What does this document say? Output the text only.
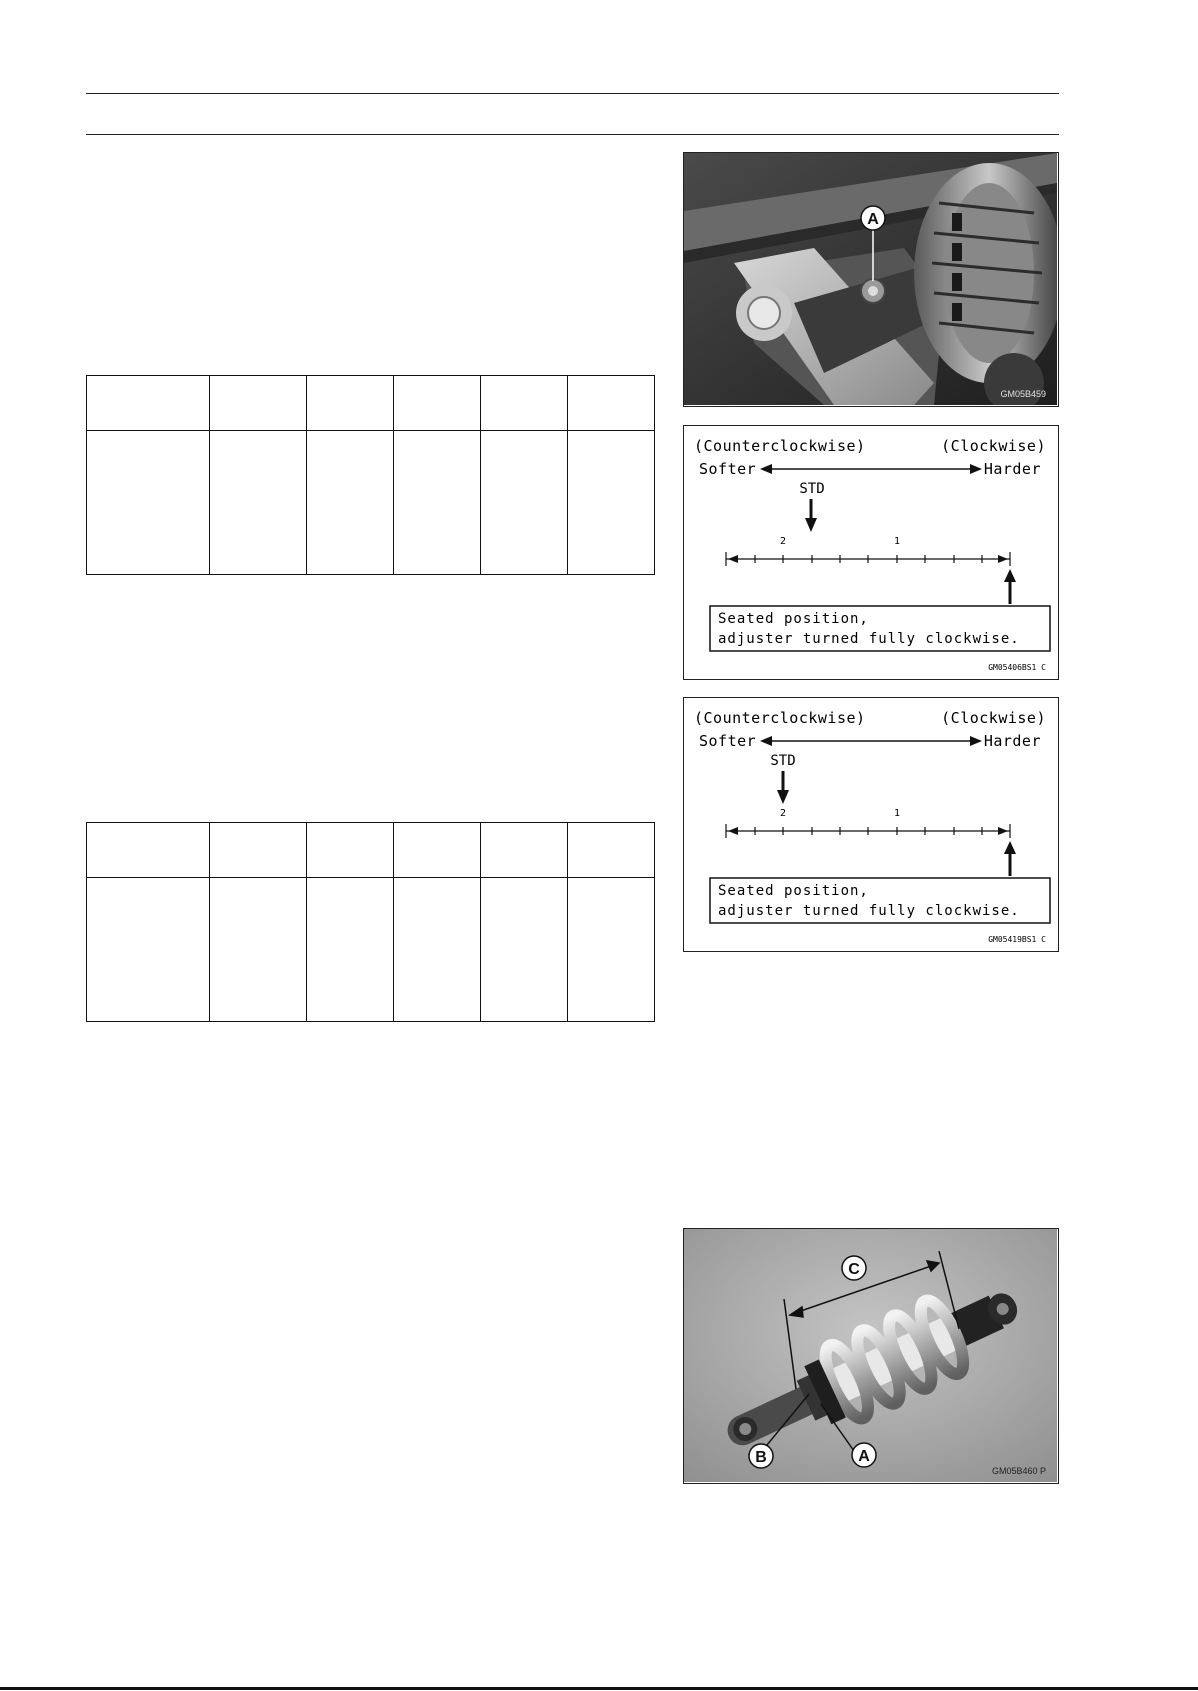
A
GM05B459
(Counterclockwise)	(Clockwise)
Softer	Harder
STD
2	1
Seated position,
adjuster turned fully clockwise.
GM05406BS1 C
(Counterclockwise)	(Clockwise)
Softer	Harder
STD
2	1
Seated position,
adjuster turned fully clockwise.
GM05419BS1 C
C
B	A
GM05B460 P
